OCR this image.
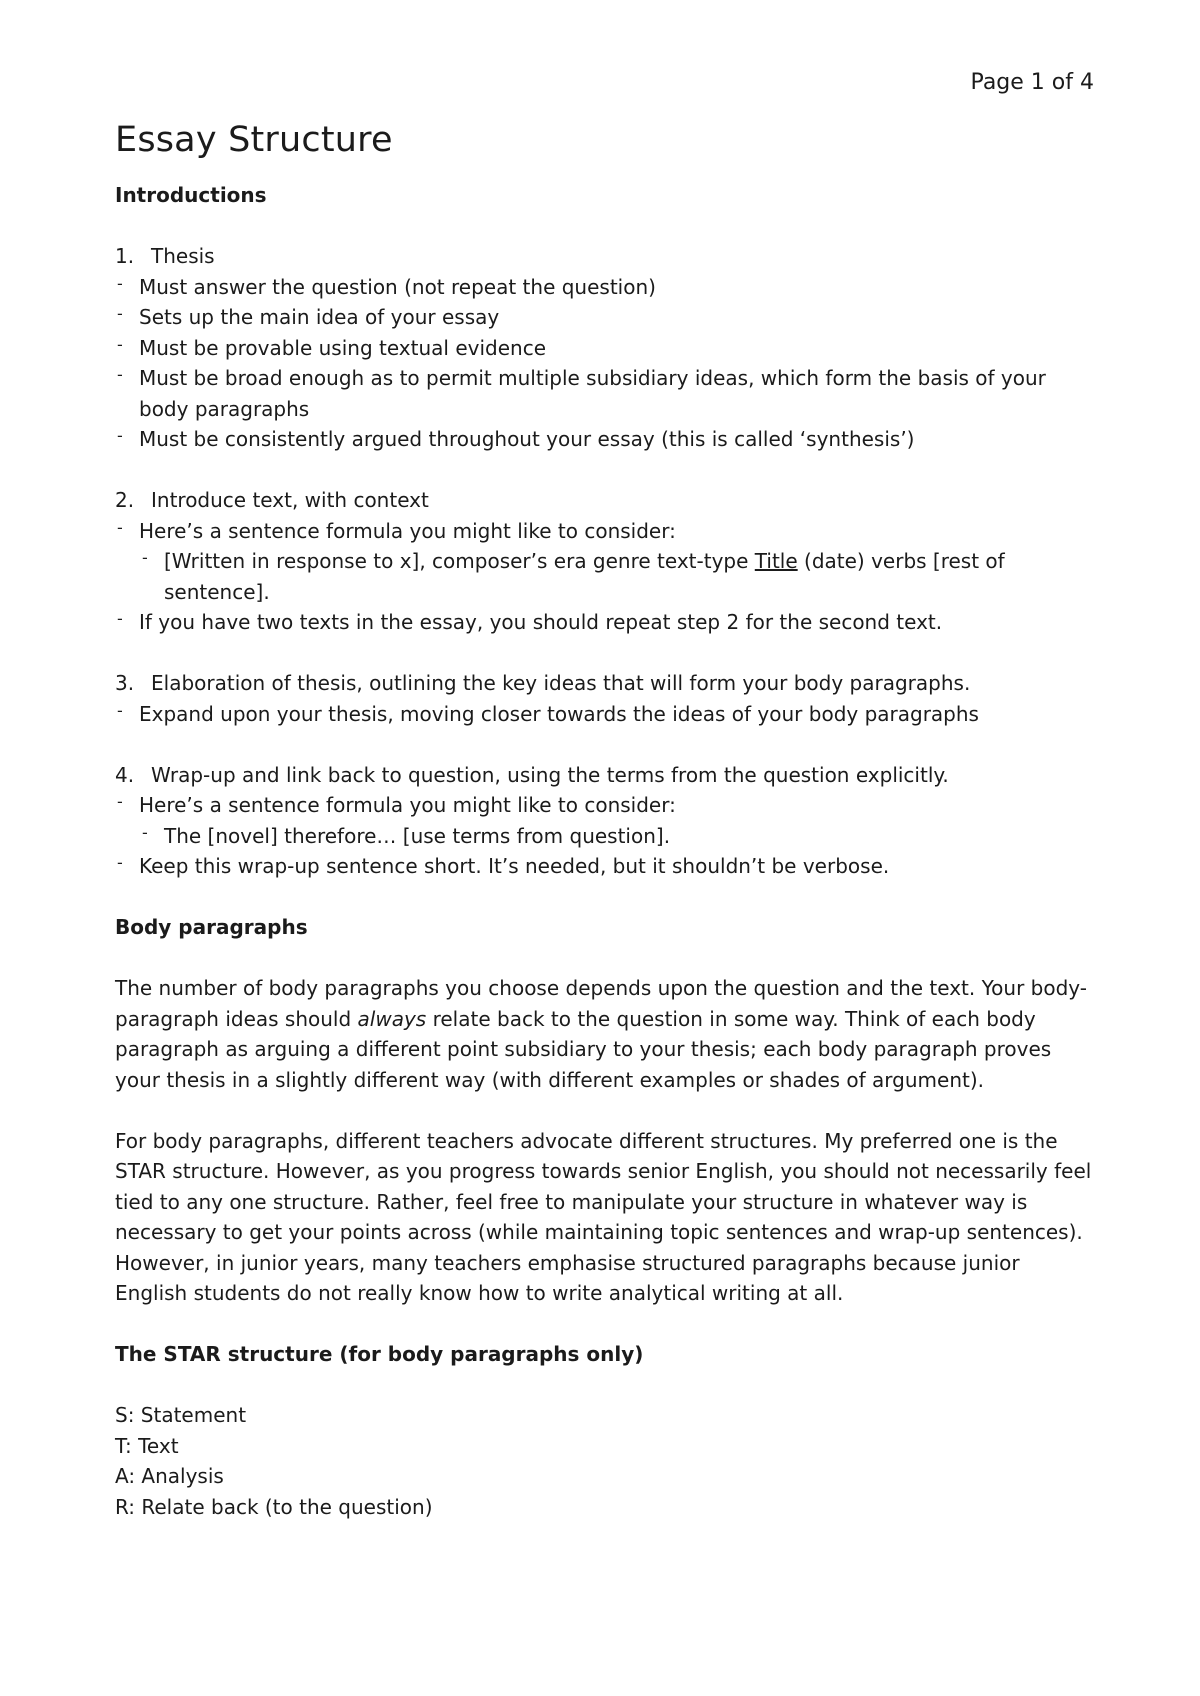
Page 1 of 4
Essay Structure

Introductions

1. Thesis

- Must answer the question (not repeat the question)

- Sets up the main idea of your essay

- Must be provable using textual evidence

- Must be broad enough as to permit multiple subsidiary ideas, which form the basis of your body paragraphs

- Must be consistently argued throughout your essay (this is called ‘synthesis’)

2. Introduce text, with context

- Here’s a sentence formula you might like to consider:

- [Written in response to x], composer’s era genre text-type Title (date) verbs [rest of sentence].

- If you have two texts in the essay, you should repeat step 2 for the second text.

3. Elaboration of thesis, outlining the key ideas that will form your body paragraphs.

- Expand upon your thesis, moving closer towards the ideas of your body paragraphs

4. Wrap-up and link back to question, using the terms from the question explicitly.

- Here’s a sentence formula you might like to consider:

- The [novel] therefore… [use terms from question].

- Keep this wrap-up sentence short. It’s needed, but it shouldn’t be verbose.

Body paragraphs

The number of body paragraphs you choose depends upon the question and the text. Your body-paragraph ideas should always relate back to the question in some way. Think of each body paragraph as arguing a different point subsidiary to your thesis; each body paragraph proves your thesis in a slightly different way (with different examples or shades of argument).

For body paragraphs, different teachers advocate different structures. My preferred one is the STAR structure. However, as you progress towards senior English, you should not necessarily feel tied to any one structure. Rather, feel free to manipulate your structure in whatever way is necessary to get your points across (while maintaining topic sentences and wrap-up sentences). However, in junior years, many teachers emphasise structured paragraphs because junior English students do not really know how to write analytical writing at all.

The STAR structure (for body paragraphs only)

S: Statement

T: Text

A: Analysis

R: Relate back (to the question)
